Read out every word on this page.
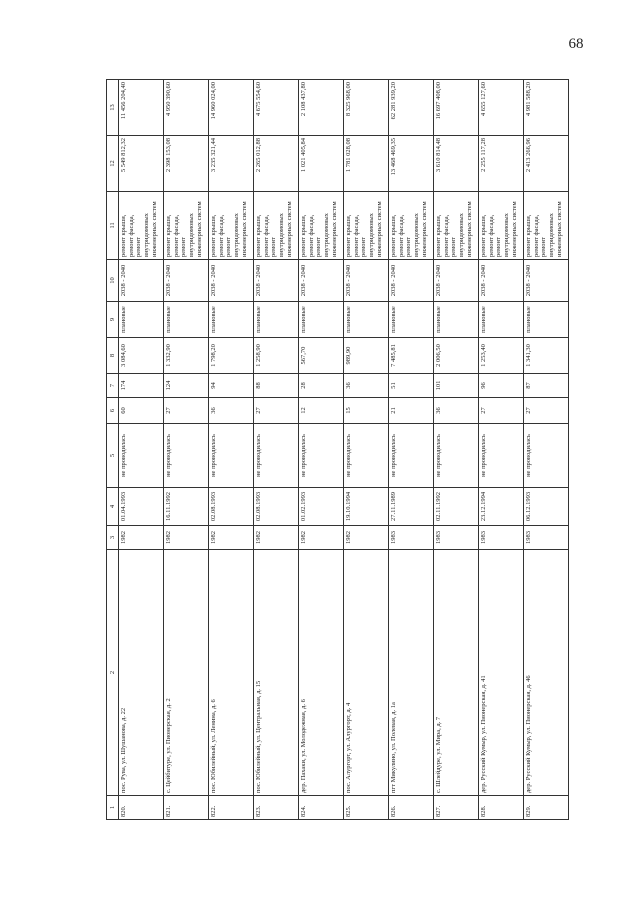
68
1	2	3	4	5	6	7	8	9	10	11	12	13
820.	пос. Рува, ул. Шушанова, д. 22	1982	01.04.1993	не проводилась	60	174	3 084,60	плановые	2038 - 2040	ремонт крыши, ремонт фасада, ремонт внутридомовых инженерных систем	5 549 812,32	11 456 204,40
821.	с. Цейбитуре, ул. Пионерская, д. 2	1982	16.11.1992	не проводилась	27	124	1 332,90	плановые	2038 - 2040	ремонт крыши, ремонт фасада, ремонт внутридомовых инженерных систем	2 398 153,08	4 950 390,60
822.	пос. Юбилейный, ул. Ленина, д. 6	1982	02.08.1993	не проводилась	36	94	1 798,20	плановые	2038 - 2040	ремонт крыши, ремонт фасада, ремонт внутридомовых инженерных систем	3 235 321,44	14 960 024,00
823.	пос. Юбилейный, ул. Центральная, д. 15	1982	02.08.1993	не проводилась	27	88	1 258,90	плановые	2038 - 2040	ремонт крыши, ремонт фасада, ремонт внутридомовых инженерных систем	2 265 012,88	4 675 554,60
824.	дер. Пахаки, ул. Молодежная, д. 6	1982	01.02.1993	не проводилась	12	28	567,70	плановые	2038 - 2040	ремонт крыши, ремонт фасада, ремонт внутридомовых инженерных систем	1 021 405,84	2 108 437,80
825.	пос. Алургорт, ул. Алургорт, д. 4	1982	19.10.1994	не проводилась	15	36	989,90	плановые	2038 - 2040	ремонт крыши, ремонт фасада, ремонт внутридомовых инженерных систем	1 781 028,08	8 325 968,00
826.	пгт Микулино, ул. Полевая, д. 1а	1983	27.11.1989	не проводилась	21	51	7 485,81	плановые	2038 - 2040	ремонт крыши, ремонт фасада, ремонт внутридомовых инженерных систем	13 468 469,35	62 281 939,20
827.	с. Шлейдуре, ул. Мира, д. 7	1983	02.11.1992	не проводилась	36	101	2 006,50	плановые	2038 - 2040	ремонт крыши, ремонт фасада, ремонт внутридомовых инженерных систем	3 610 814,48	16 697 408,00
828.	дер. Русский Кумыр, ул. Пионерская, д. 41	1983	23.12.1994	не проводилась	27	96	1 253,40	плановые	2038 - 2040	ремонт крыши, ремонт фасада, ремонт внутридомовых инженерных систем	2 255 117,28	4 655 127,60
829.	дер. Русский Кумыр, ул. Пионерская, д. 46	1983	06.12.1993	не проводилась	27	87	1 341,30	плановые	2038 - 2040	ремонт крыши, ремонт фасада, ремонт внутридомовых инженерных систем	2 413 266,96	4 981 588,20
